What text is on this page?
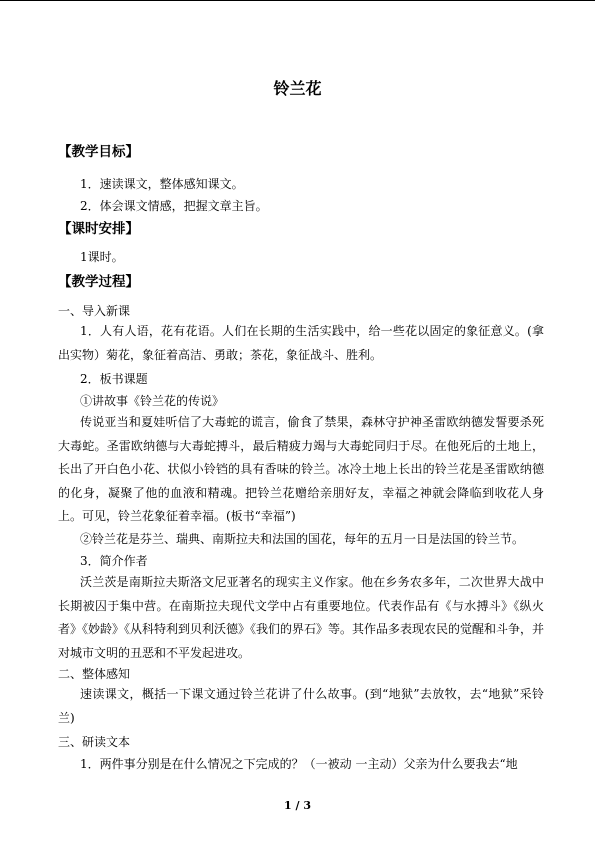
铃兰花
【教学目标】
1．速读课文，整体感知课文。
2．体会课文情感，把握文章主旨。
【课时安排】
1课时。
【教学过程】
一、导入新课
1．人有人语，花有花语。人们在长期的生活实践中，给一些花以固定的象征意义。(拿出实物）菊花，象征着高洁、勇敢；茶花，象征战斗、胜利。
2．板书课题
①讲故事《铃兰花的传说》
传说亚当和夏娃听信了大毒蛇的谎言，偷食了禁果，森林守护神圣雷欧纳德发誓要杀死大毒蛇。圣雷欧纳德与大毒蛇搏斗，最后精疲力竭与大毒蛇同归于尽。在他死后的土地上，长出了开白色小花、状似小铃铛的具有香味的铃兰。冰冷土地上长出的铃兰花是圣雷欧纳德的化身，凝聚了他的血液和精魂。把铃兰花赠给亲朋好友，幸福之神就会降临到收花人身上。可见，铃兰花象征着幸福。(板书“幸福”)
②铃兰花是芬兰、瑞典、南斯拉夫和法国的国花，每年的五月一日是法国的铃兰节。
3．简介作者
沃兰茨是南斯拉夫斯洛文尼亚著名的现实主义作家。他在乡务农多年，二次世界大战中长期被囚于集中营。在南斯拉夫现代文学中占有重要地位。代表作品有《与水搏斗》《纵火者》《妙龄》《从科特利到贝利沃德》《我们的界石》等。其作品多表现农民的觉醒和斗争，并对城市文明的丑恶和不平发起进攻。
二、整体感知
速读课文，概括一下课文通过铃兰花讲了什么故事。(到“地狱”去放牧，去“地狱”采铃兰)
三、研读文本
1．两件事分别是在什么情况之下完成的？（一被动 一主动）父亲为什么要我去“地
1 / 3
